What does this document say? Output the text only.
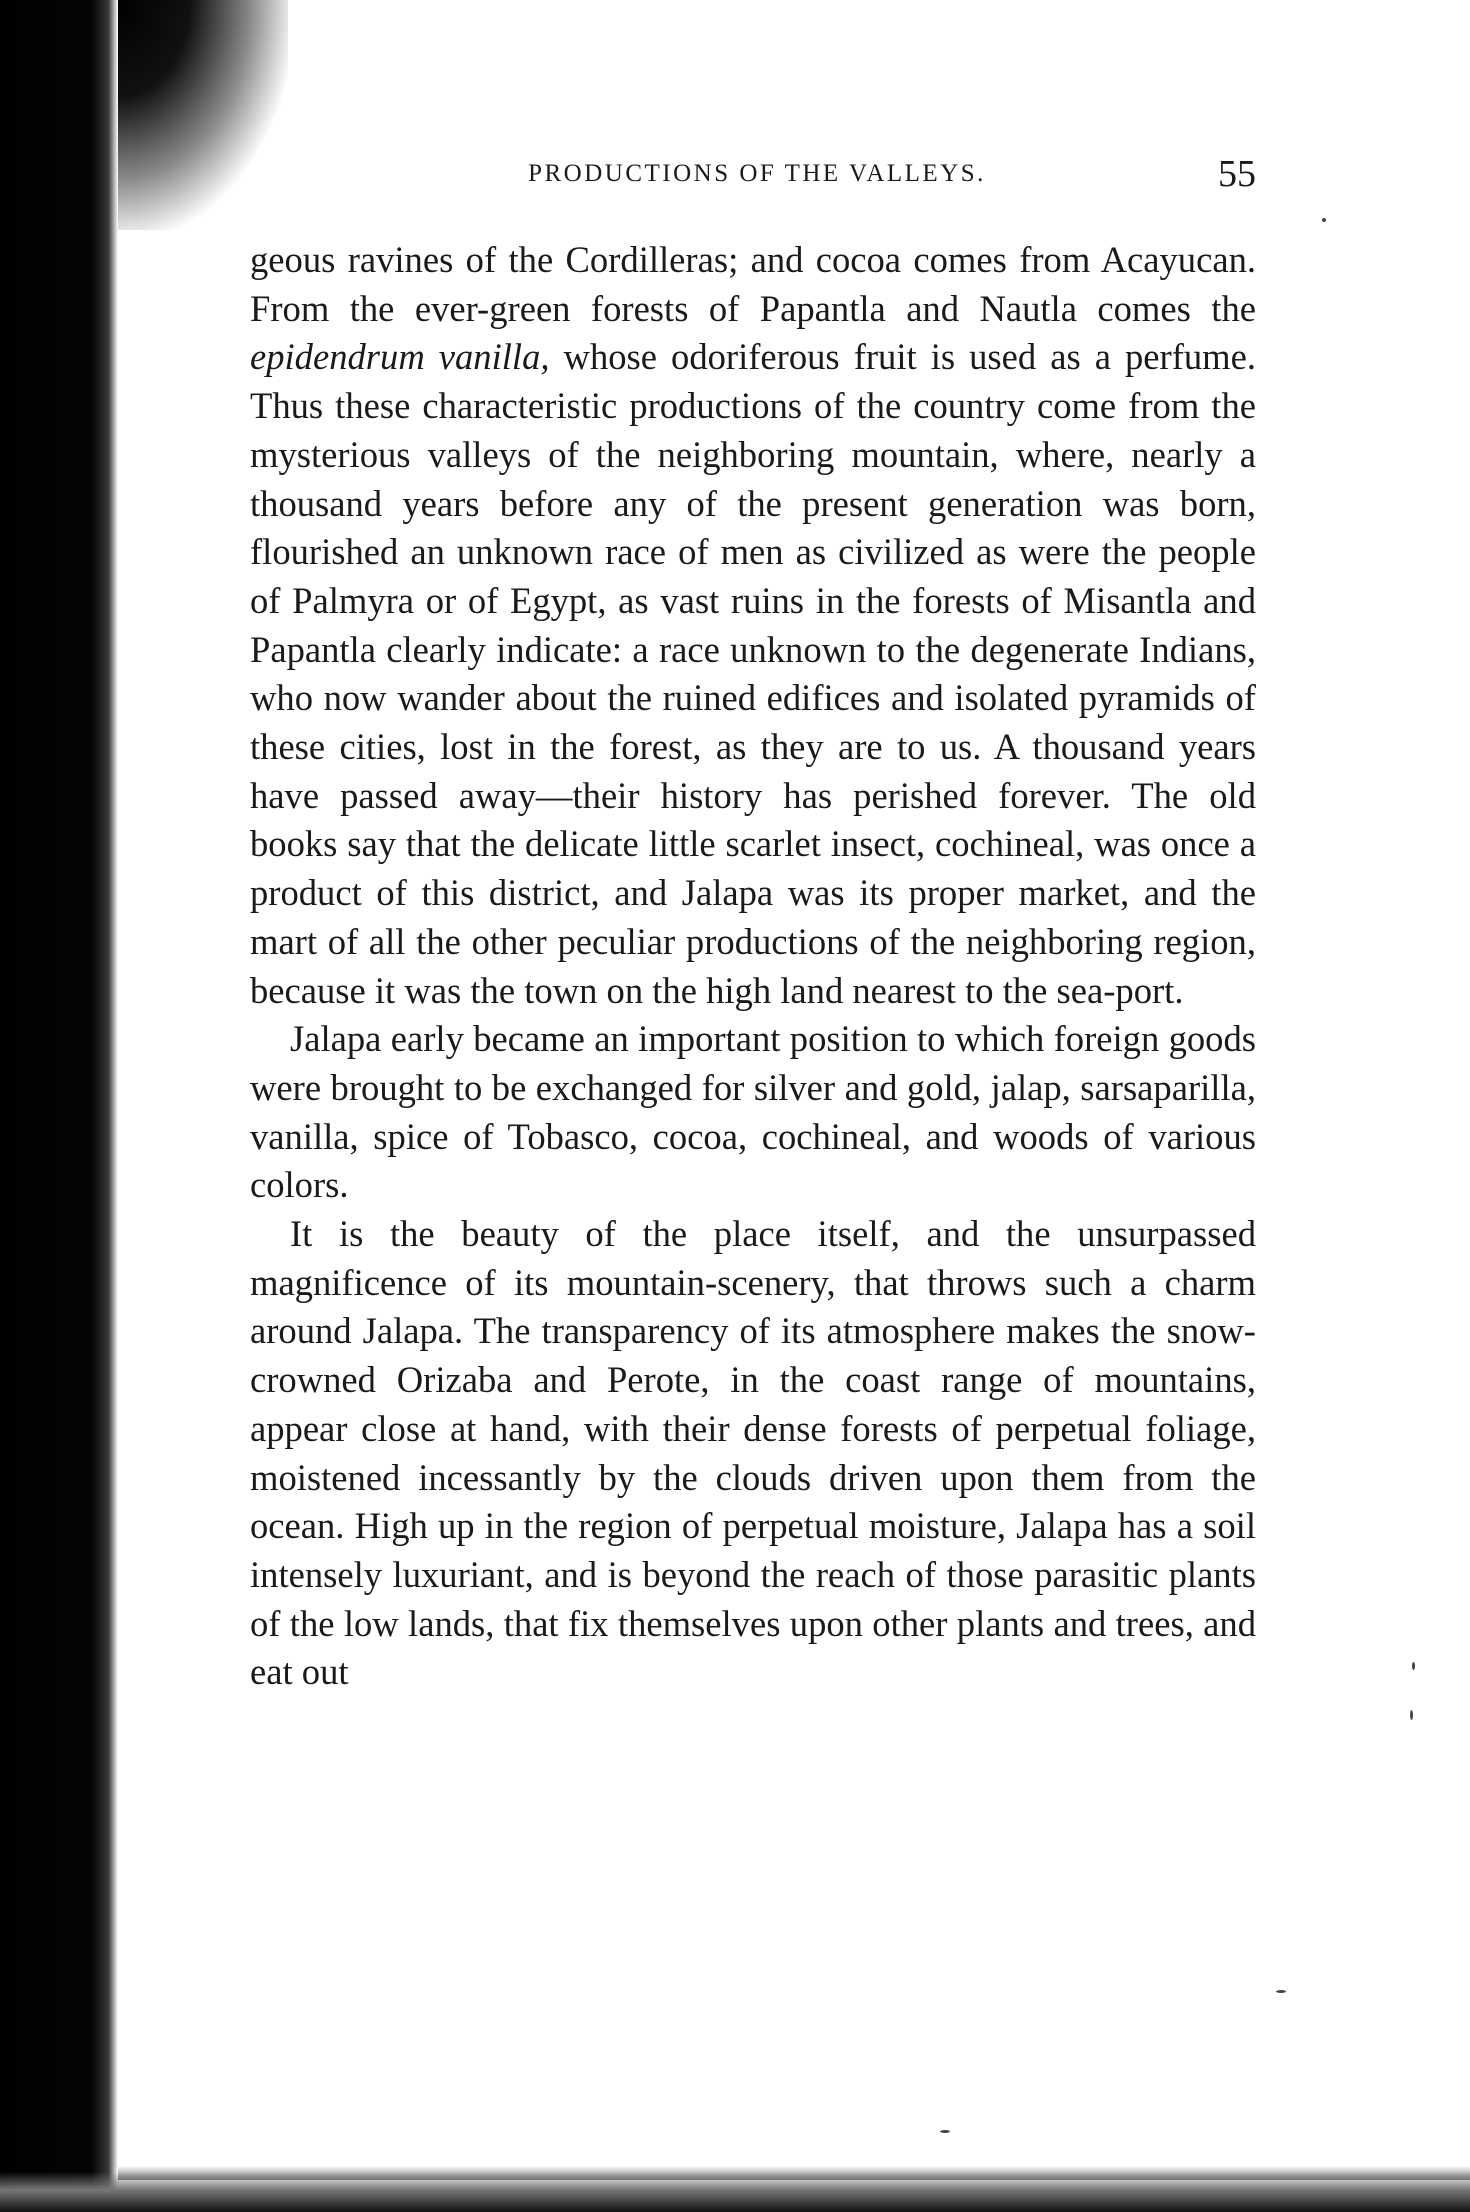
PRODUCTIONS OF THE VALLEYS.	55

geous ravines of the Cordilleras; and cocoa comes from Acayucan. From the ever-green forests of Papantla and Nautla comes the epidendrum vanilla, whose odoriferous fruit is used as a perfume. Thus these characteristic productions of the country come from the mysterious valleys of the neighboring mountain, where, nearly a thousand years before any of the present generation was born, flourished an unknown race of men as civilized as were the people of Palmyra or of Egypt, as vast ruins in the forests of Misantla and Papantla clearly indicate: a race unknown to the degenerate Indians, who now wander about the ruined edifices and isolated pyramids of these cities, lost in the forest, as they are to us. A thousand years have passed away—their history has perished forever. The old books say that the delicate little scarlet insect, cochineal, was once a product of this district, and Jalapa was its proper market, and the mart of all the other peculiar productions of the neighboring region, because it was the town on the high land nearest to the sea-port.

Jalapa early became an important position to which foreign goods were brought to be exchanged for silver and gold, jalap, sarsaparilla, vanilla, spice of Tobasco, cocoa, cochineal, and woods of various colors.

It is the beauty of the place itself, and the unsurpassed magnificence of its mountain-scenery, that throws such a charm around Jalapa. The transparency of its atmosphere makes the snow-crowned Orizaba and Perote, in the coast range of mountains, appear close at hand, with their dense forests of perpetual foliage, moistened incessantly by the clouds driven upon them from the ocean. High up in the region of perpetual moisture, Jalapa has a soil intensely luxuriant, and is beyond the reach of those parasitic plants of the low lands, that fix themselves upon other plants and trees, and eat out
